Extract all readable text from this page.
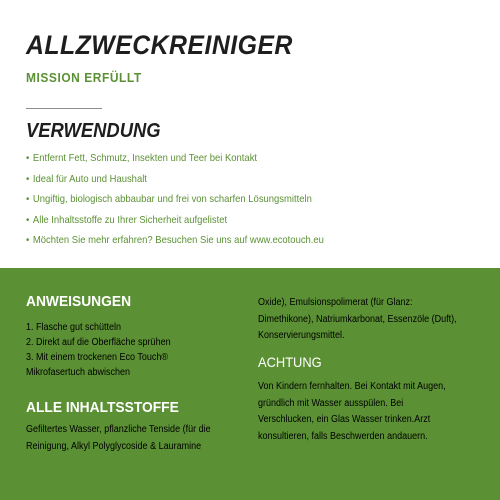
ALLZWECKREINIGER
MISSION ERFÜLLT
VERWENDUNG
• Entfernt Fett, Schmutz, Insekten und Teer bei Kontakt
• Ideal für Auto und Haushalt
• Ungiftig, biologisch abbaubar und frei von scharfen Lösungsmitteln
• Alle Inhaltsstoffe zu Ihrer Sicherheit aufgelistet
• Möchten Sie mehr erfahren? Besuchen Sie uns auf www.ecotouch.eu
ANWEISUNGEN
1. Flasche gut schütteln
2. Direkt auf die Oberfläche sprühen
3. Mit einem trockenen Eco Touch®
Mikrofasertuch abwischen
ALLE INHALTSSTOFFE

Gefiltertes Wasser, pflanzliche Tenside (für die
Reinigung, Alkyl Polyglycoside & Lauramine

Oxide), Emulsionspolimerat (für Glanz:
Dimethikone), Natriumkarbonat, Essenzöle (Duft),
Konservierungsmittel.

ACHTUNG

Von Kindern fernhalten. Bei Kontakt mit Augen,
gründlich mit Wasser ausspülen. Bei
Verschlucken, ein Glas Wasser trinken.Arzt
konsultieren, falls Beschwerden andauern.
